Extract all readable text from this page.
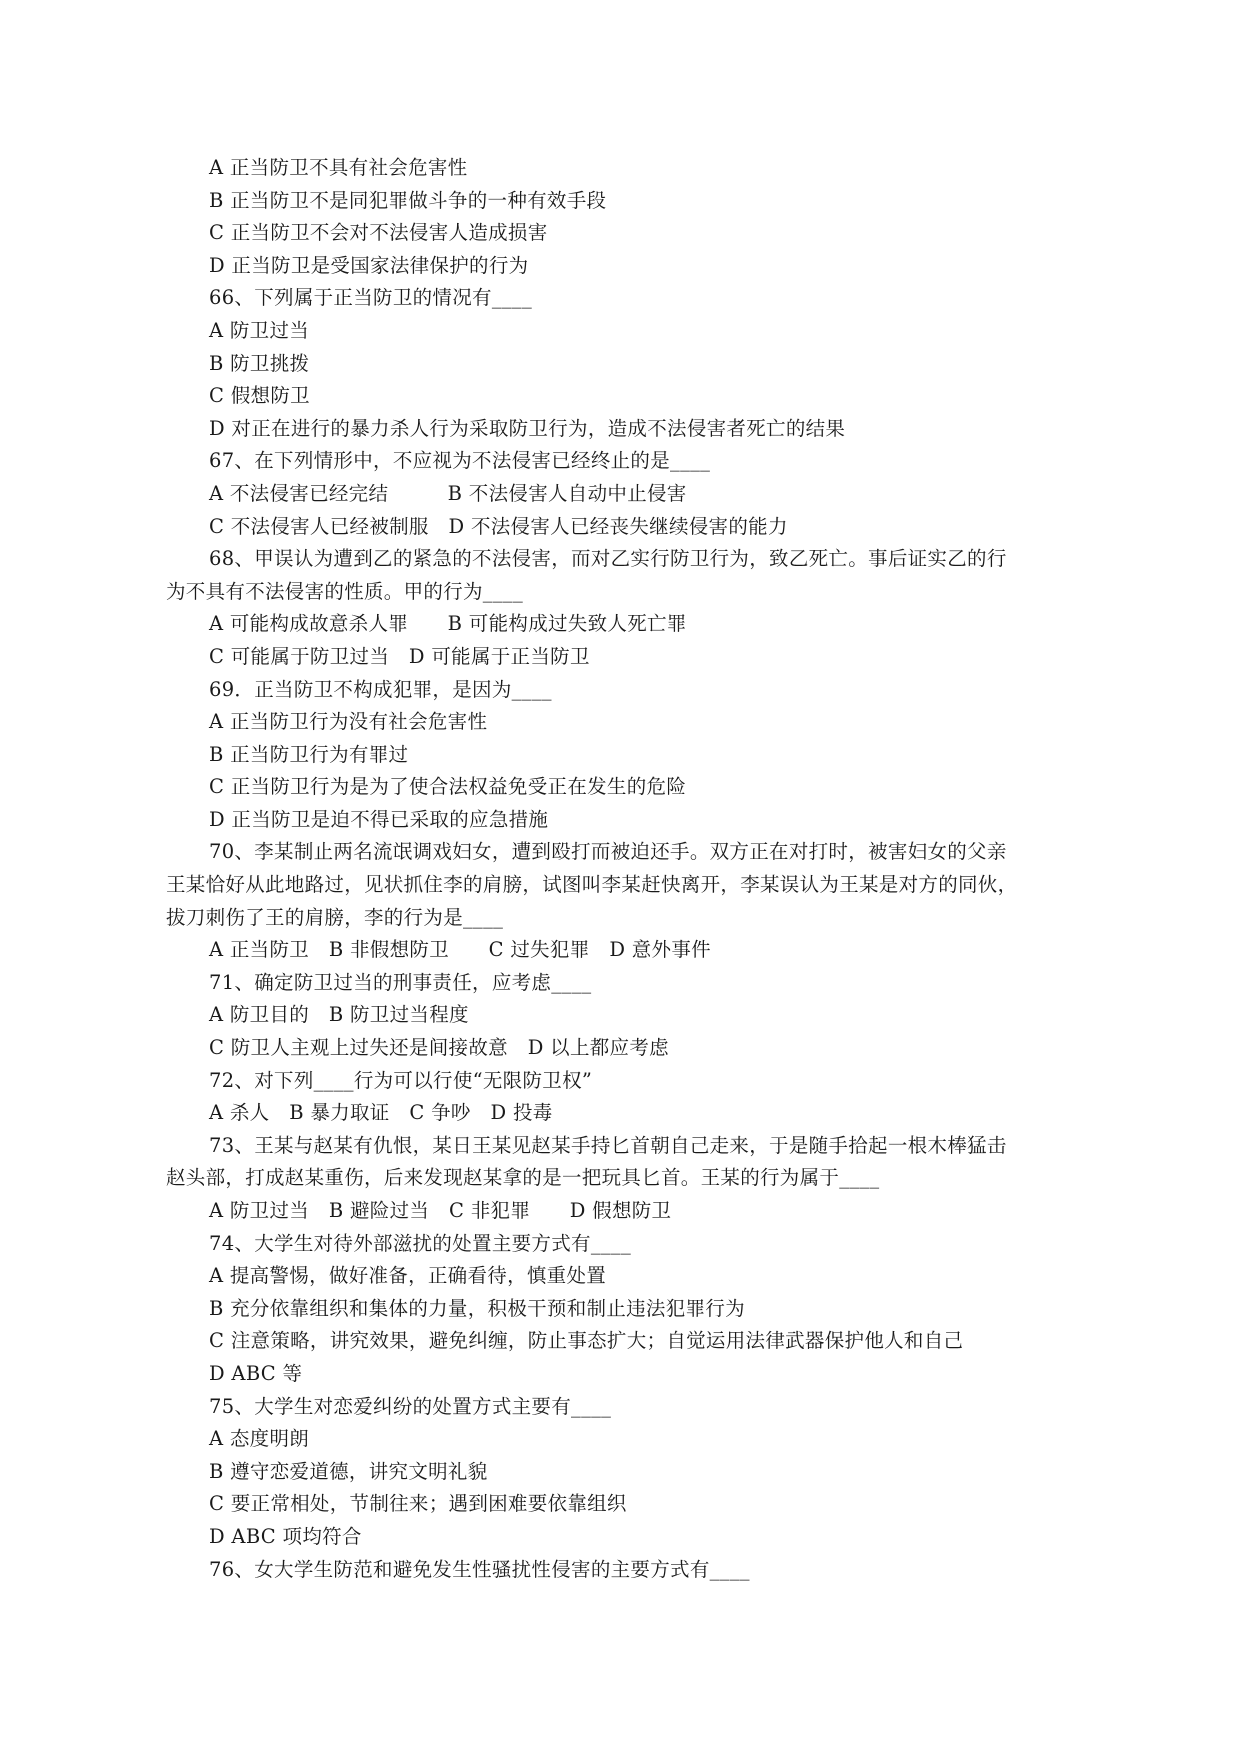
A 正当防卫不具有社会危害性
B 正当防卫不是同犯罪做斗争的一种有效手段
C 正当防卫不会对不法侵害人造成损害
D 正当防卫是受国家法律保护的行为
66、下列属于正当防卫的情况有____
A 防卫过当
B 防卫挑拨
C 假想防卫
D 对正在进行的暴力杀人行为采取防卫行为，造成不法侵害者死亡的结果
67、在下列情形中，不应视为不法侵害已经终止的是____
A 不法侵害已经完结　　　B 不法侵害人自动中止侵害
C 不法侵害人已经被制服　D 不法侵害人已经丧失继续侵害的能力
68、甲误认为遭到乙的紧急的不法侵害，而对乙实行防卫行为，致乙死亡。事后证实乙的行
为不具有不法侵害的性质。甲的行为____
A 可能构成故意杀人罪　　B 可能构成过失致人死亡罪
C 可能属于防卫过当　D 可能属于正当防卫
69．正当防卫不构成犯罪，是因为____
A 正当防卫行为没有社会危害性
B 正当防卫行为有罪过
C 正当防卫行为是为了使合法权益免受正在发生的危险
D 正当防卫是迫不得已采取的应急措施
70、李某制止两名流氓调戏妇女，遭到殴打而被迫还手。双方正在对打时，被害妇女的父亲
王某恰好从此地路过，见状抓住李的肩膀，试图叫李某赶快离开，李某误认为王某是对方的同伙，
拔刀刺伤了王的肩膀，李的行为是____
A 正当防卫　B 非假想防卫　　C 过失犯罪　D 意外事件
71、确定防卫过当的刑事责任，应考虑____
A 防卫目的　B 防卫过当程度
C 防卫人主观上过失还是间接故意　D 以上都应考虑
72、对下列____行为可以行使“无限防卫权”
A 杀人　B 暴力取证　C 争吵　D 投毒
73、王某与赵某有仇恨，某日王某见赵某手持匕首朝自己走来，于是随手拾起一根木棒猛击
赵头部，打成赵某重伤，后来发现赵某拿的是一把玩具匕首。王某的行为属于____
A 防卫过当　B 避险过当　C 非犯罪　　D 假想防卫
74、大学生对待外部滋扰的处置主要方式有____
A 提高警惕，做好准备，正确看待，慎重处置
B 充分依靠组织和集体的力量，积极干预和制止违法犯罪行为
C 注意策略，讲究效果，避免纠缠，防止事态扩大；自觉运用法律武器保护他人和自己
D ABC 等
75、大学生对恋爱纠纷的处置方式主要有____
A 态度明朗
B 遵守恋爱道德，讲究文明礼貌
C 要正常相处，节制往来；遇到困难要依靠组织
D ABC 项均符合
76、女大学生防范和避免发生性骚扰性侵害的主要方式有____
